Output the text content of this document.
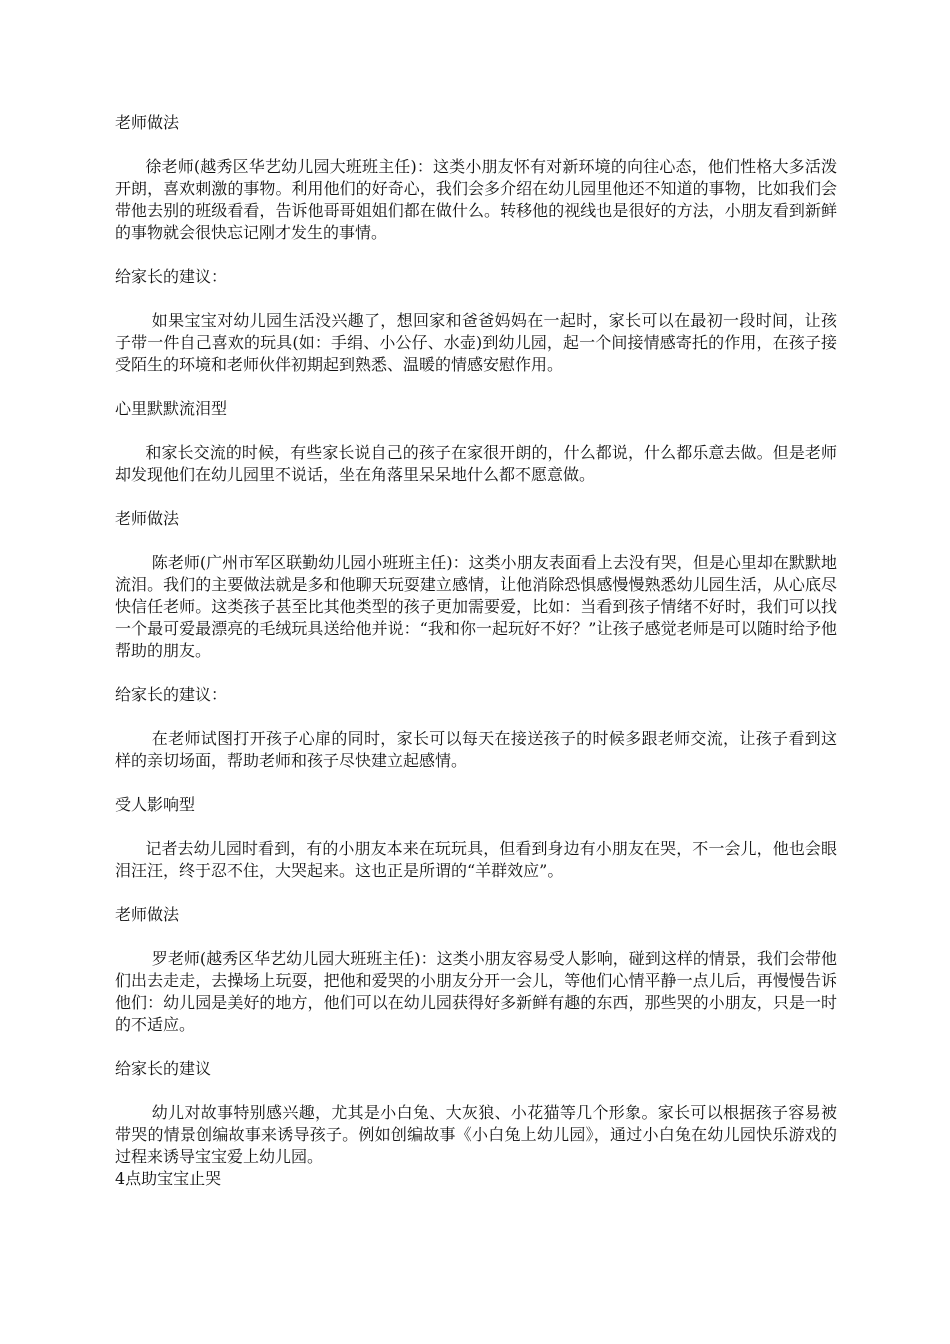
老师做法

徐老师(越秀区华艺幼儿园大班班主任)：这类小朋友怀有对新环境的向往心态，他们性格大多活泼开朗，喜欢刺激的事物。利用他们的好奇心，我们会多介绍在幼儿园里他还不知道的事物，比如我们会带他去别的班级看看，告诉他哥哥姐姐们都在做什么。转移他的视线也是很好的方法，小朋友看到新鲜的事物就会很快忘记刚才发生的事情。

给家长的建议：

如果宝宝对幼儿园生活没兴趣了，想回家和爸爸妈妈在一起时，家长可以在最初一段时间，让孩子带一件自己喜欢的玩具(如：手绢、小公仔、水壶)到幼儿园，起一个间接情感寄托的作用，在孩子接受陌生的环境和老师伙伴初期起到熟悉、温暖的情感安慰作用。

心里默默流泪型

和家长交流的时候，有些家长说自己的孩子在家很开朗的，什么都说，什么都乐意去做。但是老师却发现他们在幼儿园里不说话，坐在角落里呆呆地什么都不愿意做。

老师做法

陈老师(广州市军区联勤幼儿园小班班主任)：这类小朋友表面看上去没有哭，但是心里却在默默地流泪。我们的主要做法就是多和他聊天玩耍建立感情，让他消除恐惧感慢慢熟悉幼儿园生活，从心底尽快信任老师。这类孩子甚至比其他类型的孩子更加需要爱，比如：当看到孩子情绪不好时，我们可以找一个最可爱最漂亮的毛绒玩具送给他并说：“我和你一起玩好不好？”让孩子感觉老师是可以随时给予他帮助的朋友。

给家长的建议：

在老师试图打开孩子心扉的同时，家长可以每天在接送孩子的时候多跟老师交流，让孩子看到这样的亲切场面，帮助老师和孩子尽快建立起感情。

受人影响型

记者去幼儿园时看到，有的小朋友本来在玩玩具，但看到身边有小朋友在哭，不一会儿，他也会眼泪汪汪，终于忍不住，大哭起来。这也正是所谓的“羊群效应”。

老师做法

罗老师(越秀区华艺幼儿园大班班主任)：这类小朋友容易受人影响，碰到这样的情景，我们会带他们出去走走，去操场上玩耍，把他和爱哭的小朋友分开一会儿，等他们心情平静一点儿后，再慢慢告诉他们：幼儿园是美好的地方，他们可以在幼儿园获得好多新鲜有趣的东西，那些哭的小朋友，只是一时的不适应。

给家长的建议

幼儿对故事特别感兴趣，尤其是小白兔、大灰狼、小花猫等几个形象。家长可以根据孩子容易被带哭的情景创编故事来诱导孩子。例如创编故事《小白兔上幼儿园》，通过小白兔在幼儿园快乐游戏的过程来诱导宝宝爱上幼儿园。

4点助宝宝止哭
